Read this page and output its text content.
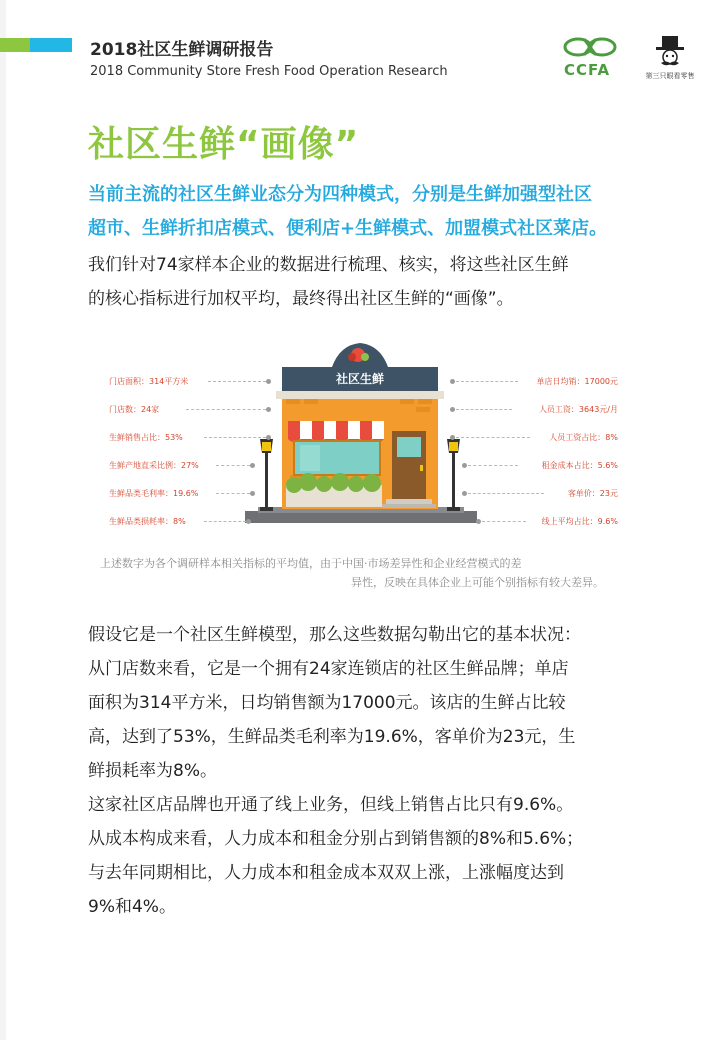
2018社区生鲜调研报告
2018 Community Store Fresh Food Operation Research	CCFA	第三只眼看零售
社区生鲜“画像”
当前主流的社区生鲜业态分为四种模式，分别是生鲜加强型社区
超市、生鲜折扣店模式、便利店+生鲜模式、加盟模式社区菜店。
我们针对74家样本企业的数据进行梳理、核实，将这些社区生鲜
的核心指标进行加权平均，最终得出社区生鲜的“画像”。
社区生鲜
门店面积：314平方米
门店数：24家
生鲜销售占比：53%
生鲜产地直采比例：27%
生鲜品类毛利率：19.6%
生鲜品类损耗率：8%
单店日均销：17000元
人员工资：3643元/月
人员工资占比：8%
租金成本占比：5.6%
客单价：23元
线上平均占比：9.6%
上述数字为各个调研样本相关指标的平均值，由于中国·市场差异性和企业经营模式的差
异性，反映在具体企业上可能个别指标有较大差异。
假设它是一个社区生鲜模型，那么这些数据勾勒出它的基本状况：
从门店数来看，它是一个拥有24家连锁店的社区生鲜品牌；单店
面积为314平方米，日均销售额为17000元。该店的生鲜占比较
高，达到了53%，生鲜品类毛利率为19.6%，客单价为23元，生
鲜损耗率为8%。
这家社区店品牌也开通了线上业务，但线上销售占比只有9.6%。
从成本构成来看，人力成本和租金分别占到销售额的8%和5.6%；
与去年同期相比，人力成本和租金成本双双上涨，上涨幅度达到
9%和4%。
